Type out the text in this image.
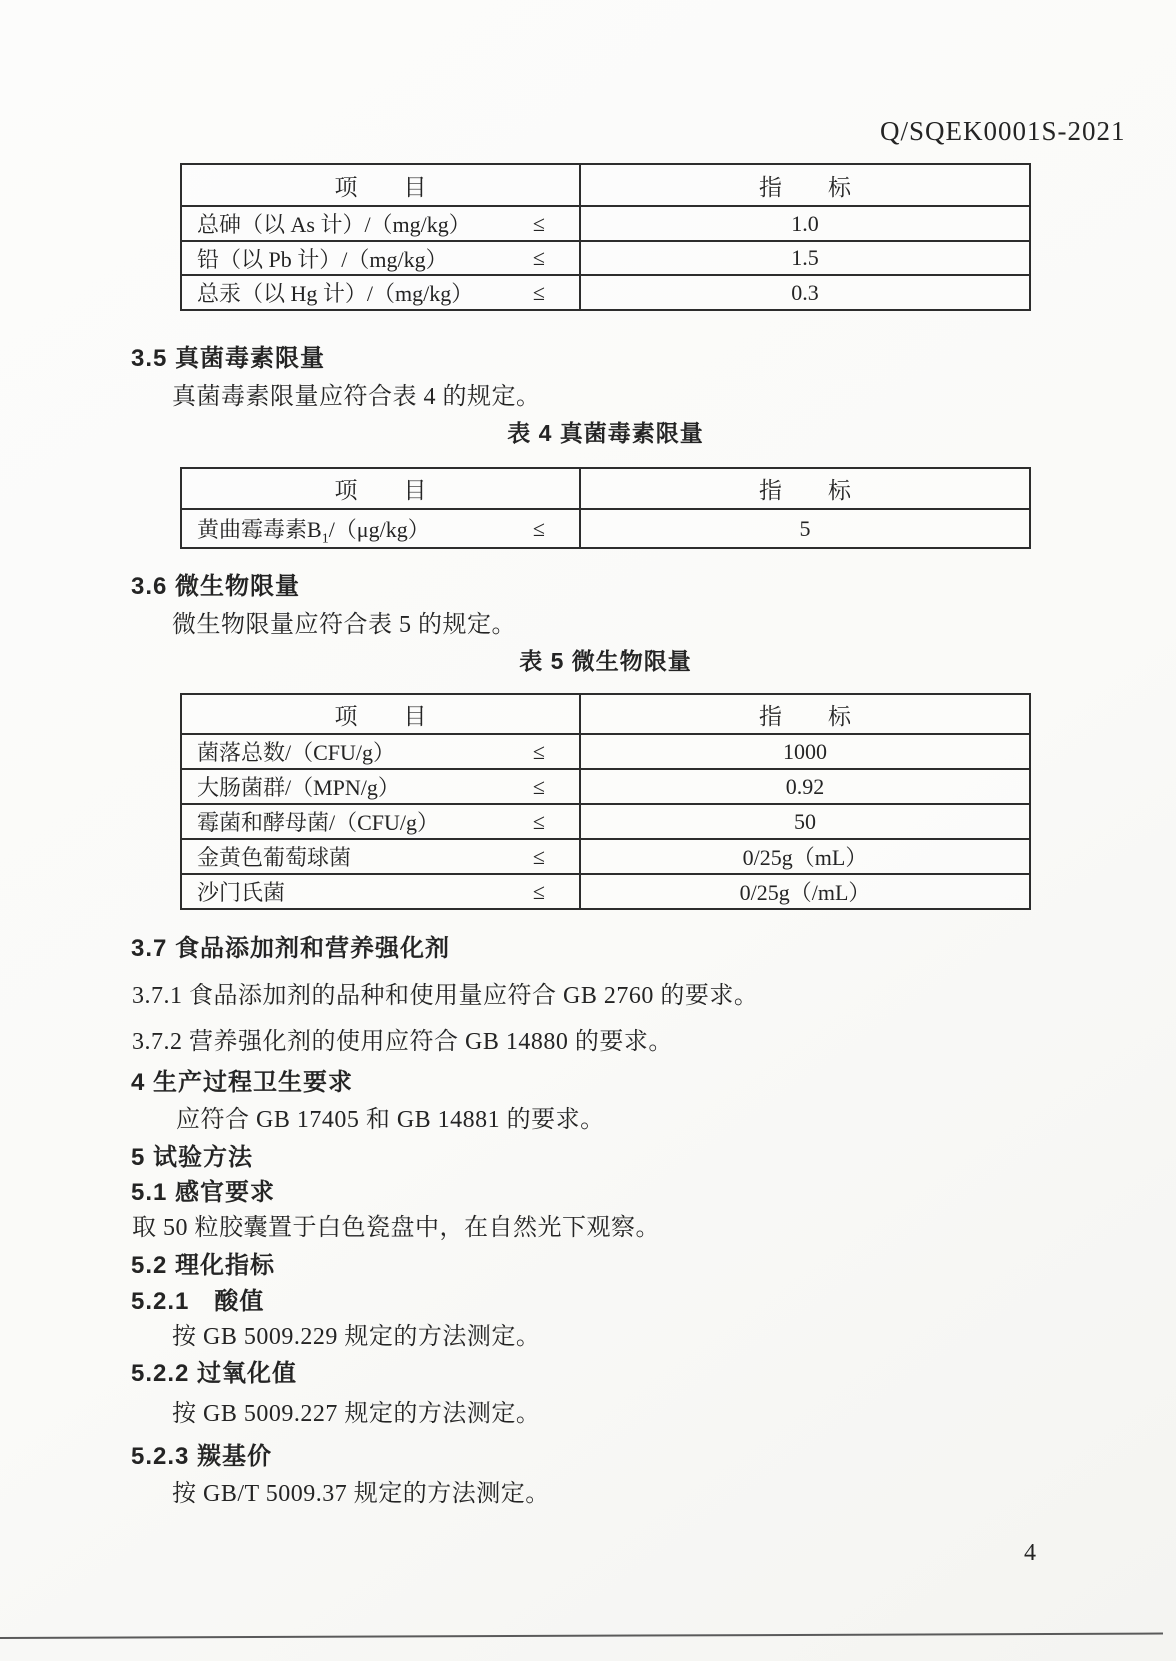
Q/SQEK0001S-2021
项　　目	指　　标
总砷（以 As 计）/（mg/kg）	≤	1.0
铅（以 Pb 计）/（mg/kg）	≤	1.5
总汞（以 Hg 计）/（mg/kg）	≤	0.3
3.5 真菌毒素限量
真菌毒素限量应符合表 4 的规定。
表 4 真菌毒素限量
项　　目	指　　标
黄曲霉毒素$B_1/(\mu g/kg)$	≤	5
3.6 微生物限量
微生物限量应符合表 5 的规定。
表 5 微生物限量
项　　目	指　　标
菌落总数/（CFU/g）	≤	1000
大肠菌群/（MPN/g）	≤	0.92
霉菌和酵母菌/（CFU/g）	≤	50
金黄色葡萄球菌	≤	0/25g（mL）
沙门氏菌	≤	0/25g（/mL）
3.7 食品添加剂和营养强化剂
3.7.1 食品添加剂的品种和使用量应符合 GB 2760 的要求。
3.7.2 营养强化剂的使用应符合 GB 14880 的要求。
4 生产过程卫生要求
应符合 GB 17405 和 GB 14881 的要求。
5 试验方法
5.1 感官要求
取 50 粒胶囊置于白色瓷盘中，在自然光下观察。
5.2 理化指标
5.2.1　酸值
按 GB 5009.229 规定的方法测定。
5.2.2 过氧化值
按 GB 5009.227 规定的方法测定。
5.2.3 羰基价
按 GB/T 5009.37 规定的方法测定。
4
